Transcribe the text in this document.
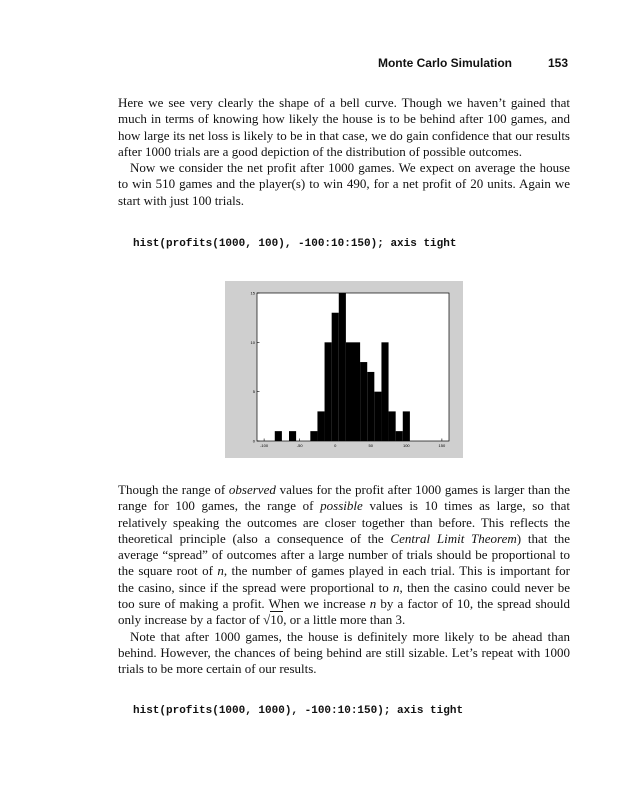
Monte Carlo Simulation	153

Here we see very clearly the shape of a bell curve. Though we haven’t gained that much in terms of knowing how likely the house is to be behind after 100 games, and how large its net loss is likely to be in that case, we do gain confidence that our results after 1000 trials are a good depiction of the distribution of possible outcomes.

Now we consider the net profit after 1000 games. We expect on average the house to win 510 games and the player(s) to win 490, for a net profit of 20 units. Again we start with just 100 trials.

hist(profits(1000, 100), -100:10:150); axis tight
-100	-50	0	50	100	150
0
5
10
15

Though the range of observed values for the profit after 1000 games is larger than the range for 100 games, the range of possible values is 10 times as large, so that relatively speaking the outcomes are closer together than before. This reflects the theoretical principle (also a consequence of the Central Limit Theorem) that the average “spread” of outcomes after a large number of trials should be proportional to the square root of n, the number of games played in each trial. This is important for the casino, since if the spread were proportional to n, then the casino could never be too sure of making a profit. When we increase n by a factor of 10, the spread should only increase by a factor of √10, or a little more than 3.

Note that after 1000 games, the house is definitely more likely to be ahead than behind. However, the chances of being behind are still sizable. Let’s repeat with 1000 trials to be more certain of our results.

hist(profits(1000, 1000), -100:10:150); axis tight
